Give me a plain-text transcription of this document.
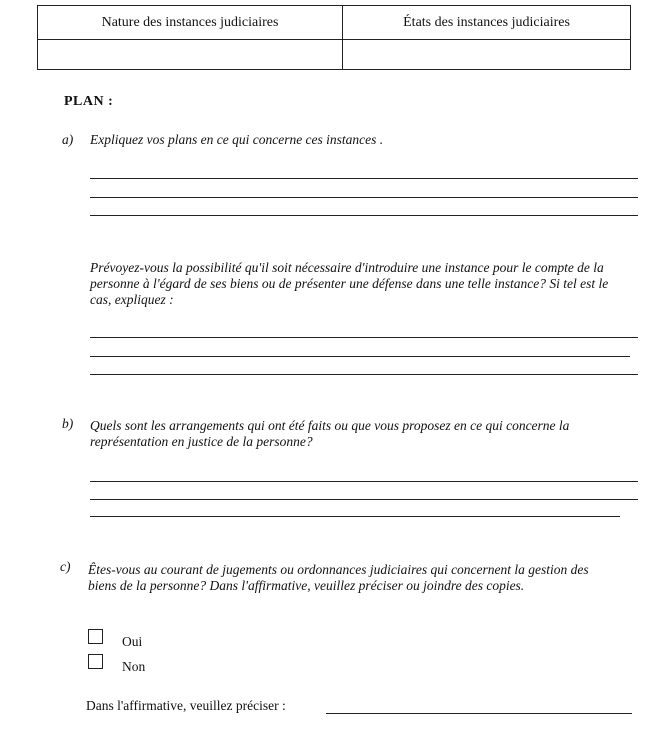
Nature des instances judiciaires	États des instances judiciaires

PLAN :
a) Expliquez vos plans en ce qui concerne ces instances .
Prévoyez-vous la possibilité qu'il soit nécessaire d'introduire une instance pour le compte de la personne à l'égard de ses biens ou de présenter une défense dans une telle instance? Si tel est le cas, expliquez :
b) Quels sont les arrangements qui ont été faits ou que vous proposez en ce qui concerne la représentation en justice de la personne?
c) Êtes-vous au courant de jugements ou ordonnances judiciaires qui concernent la gestion des biens de la personne? Dans l'affirmative, veuillez préciser ou joindre des copies.
Oui
Non
Dans l'affirmative, veuillez préciser :
